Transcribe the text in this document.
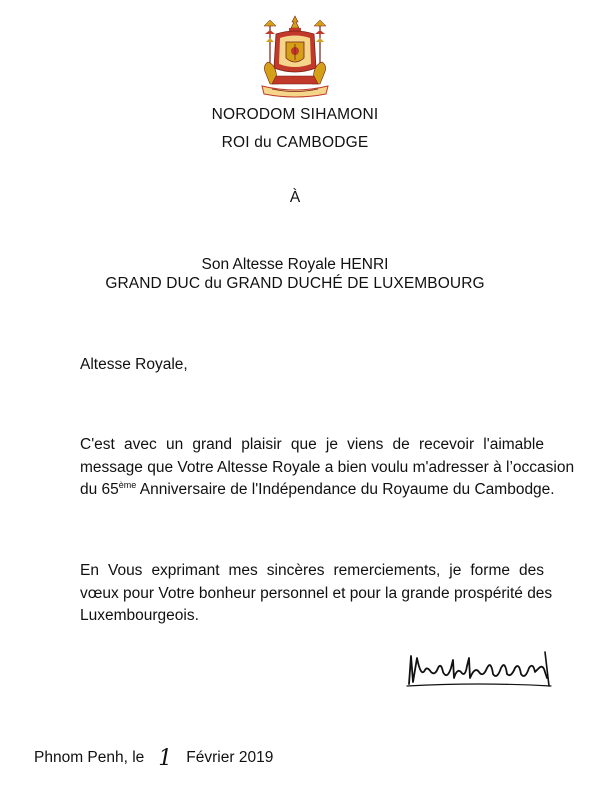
NORODOM SIHAMONI
ROI du CAMBODGE
À
Son Altesse Royale HENRI
GRAND DUC du GRAND DUCHÉ DE LUXEMBOURG
Altesse Royale,
C'est avec un grand plaisir que je viens de recevoir l'aimable
message que Votre Altesse Royale a bien voulu m'adresser à l’occasion
du 65ème Anniversaire de l'Indépendance du Royaume du Cambodge.
En Vous exprimant mes sincères remerciements, je forme des
vœux pour Votre bonheur personnel et pour la grande prospérité des
Luxembourgeois.
Phnom Penh, le 1 Février 2019
